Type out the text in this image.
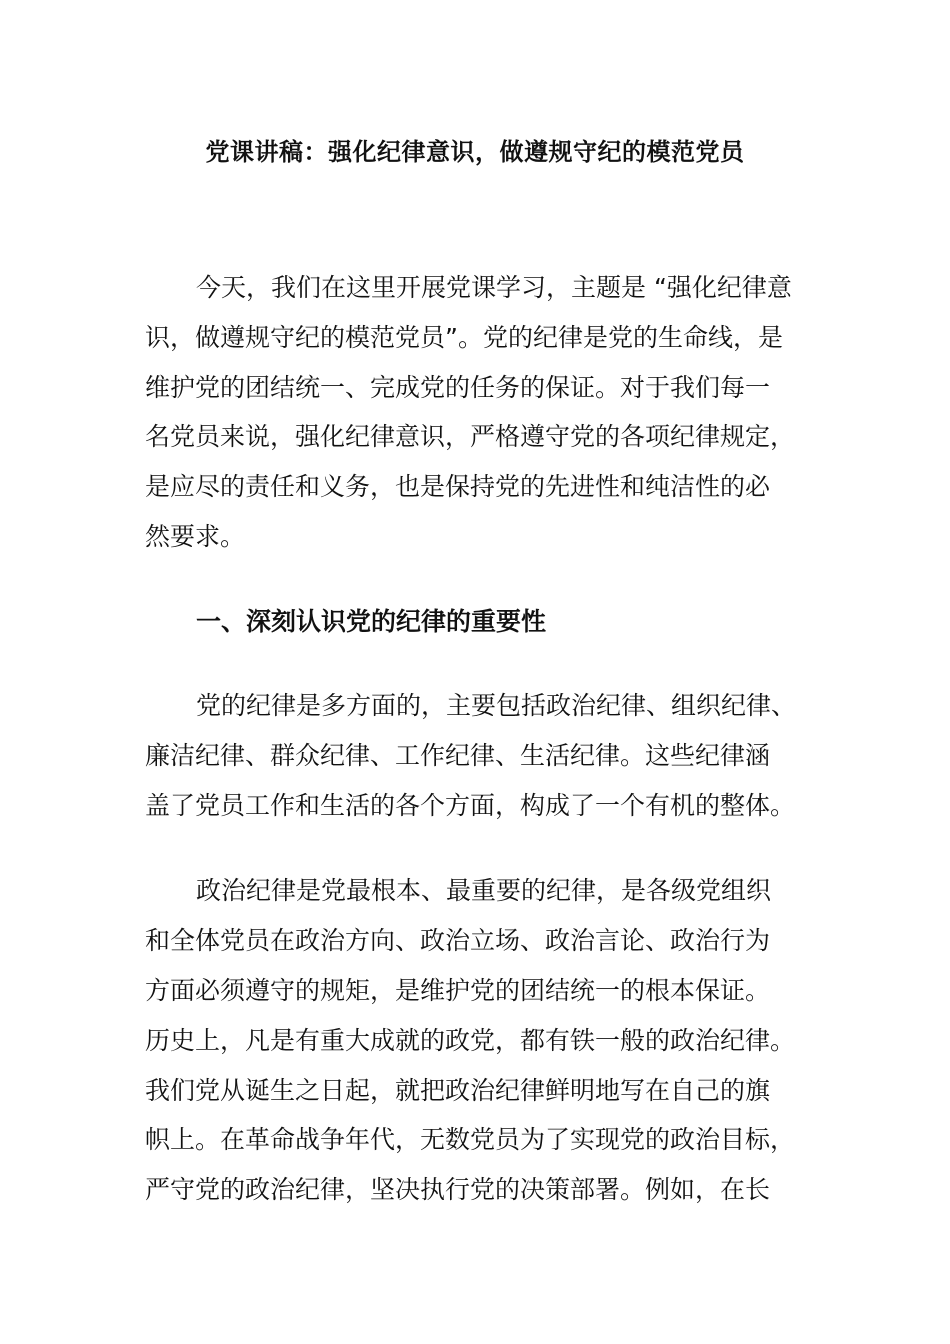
党课讲稿：强化纪律意识，做遵规守纪的模范党员

今天，我们在这里开展党课学习，主题是 “强化纪律意

识，做遵规守纪的模范党员”。党的纪律是党的生命线，是

维护党的团结统一、完成党的任务的保证。对于我们每一

名党员来说，强化纪律意识，严格遵守党的各项纪律规定，

是应尽的责任和义务，也是保持党的先进性和纯洁性的必

然要求。

一、深刻认识党的纪律的重要性

党的纪律是多方面的，主要包括政治纪律、组织纪律、

廉洁纪律、群众纪律、工作纪律、生活纪律。这些纪律涵

盖了党员工作和生活的各个方面，构成了一个有机的整体。

政治纪律是党最根本、最重要的纪律，是各级党组织

和全体党员在政治方向、政治立场、政治言论、政治行为

方面必须遵守的规矩，是维护党的团结统一的根本保证。

历史上，凡是有重大成就的政党，都有铁一般的政治纪律。

我们党从诞生之日起，就把政治纪律鲜明地写在自己的旗

帜上。在革命战争年代，无数党员为了实现党的政治目标，

严守党的政治纪律，坚决执行党的决策部署。例如，在长
